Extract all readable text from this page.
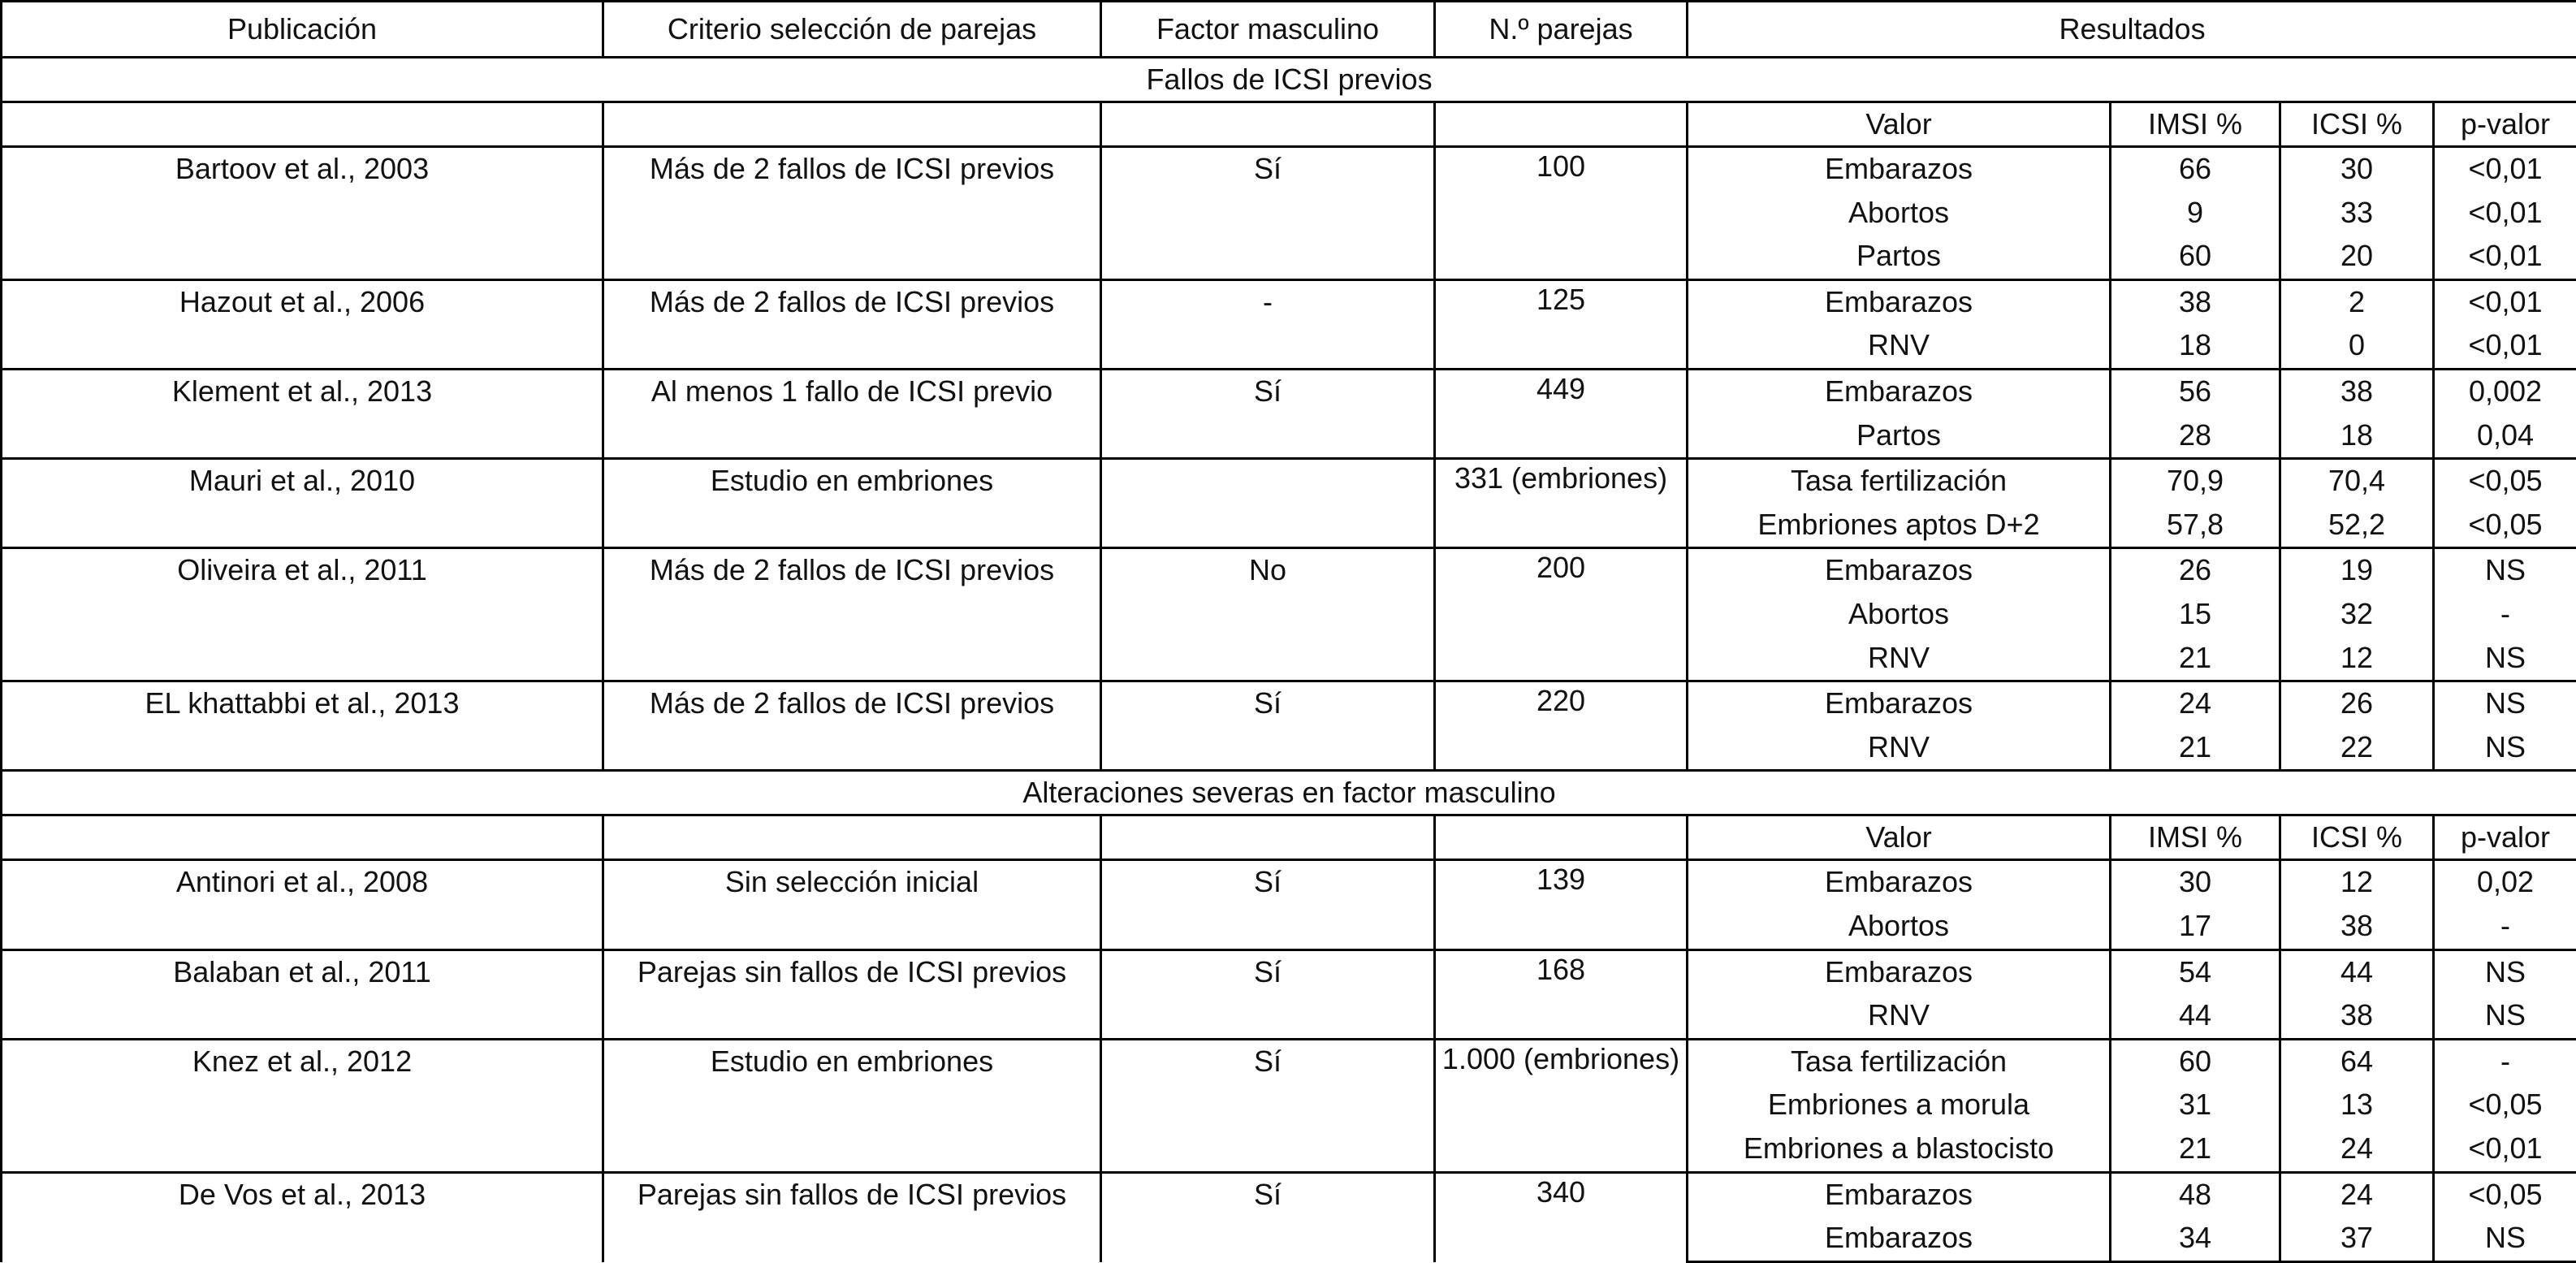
Publicación	Criterio selección de parejas	Factor masculino	N.º parejas	Resultados			
Fallos de ICSI previos							
				Valor	IMSI %	ICSI %	p-valor
Bartoov et al., 2003	Más de 2 fallos de ICSI previos	Sí	100	Embarazos	66	30	<0,01
				Abortos	9	33	<0,01
				Partos	60	20	<0,01
Hazout et al., 2006	Más de 2 fallos de ICSI previos	-	125	Embarazos	38	2	<0,01
				RNV	18	0	<0,01
Klement et al., 2013	Al menos 1 fallo de ICSI previo	Sí	449	Embarazos	56	38	0,002
				Partos	28	18	0,04
Mauri et al., 2010	Estudio en embriones		331 (embriones)	Tasa fertilización	70,9	70,4	<0,05
				Embriones aptos D+2	57,8	52,2	<0,05
Oliveira et al., 2011	Más de 2 fallos de ICSI previos	No	200	Embarazos	26	19	NS
				Abortos	15	32	-
				RNV	21	12	NS
EL khattabbi et al., 2013	Más de 2 fallos de ICSI previos	Sí	220	Embarazos	24	26	NS
				RNV	21	22	NS
Alteraciones severas en factor masculino							
				Valor	IMSI %	ICSI %	p-valor
Antinori et al., 2008	Sin selección inicial	Sí	139	Embarazos	30	12	0,02
				Abortos	17	38	-
Balaban et al., 2011	Parejas sin fallos de ICSI previos	Sí	168	Embarazos	54	44	NS
				RNV	44	38	NS
Knez et al., 2012	Estudio en embriones	Sí	1.000 (embriones)	Tasa fertilización	60	64	-
				Embriones a morula	31	13	<0,05
				Embriones a blastocisto	21	24	<0,01
De Vos et al., 2013	Parejas sin fallos de ICSI previos	Sí	340	Embarazos	48	24	<0,05
				Embarazos	34	37	NS
